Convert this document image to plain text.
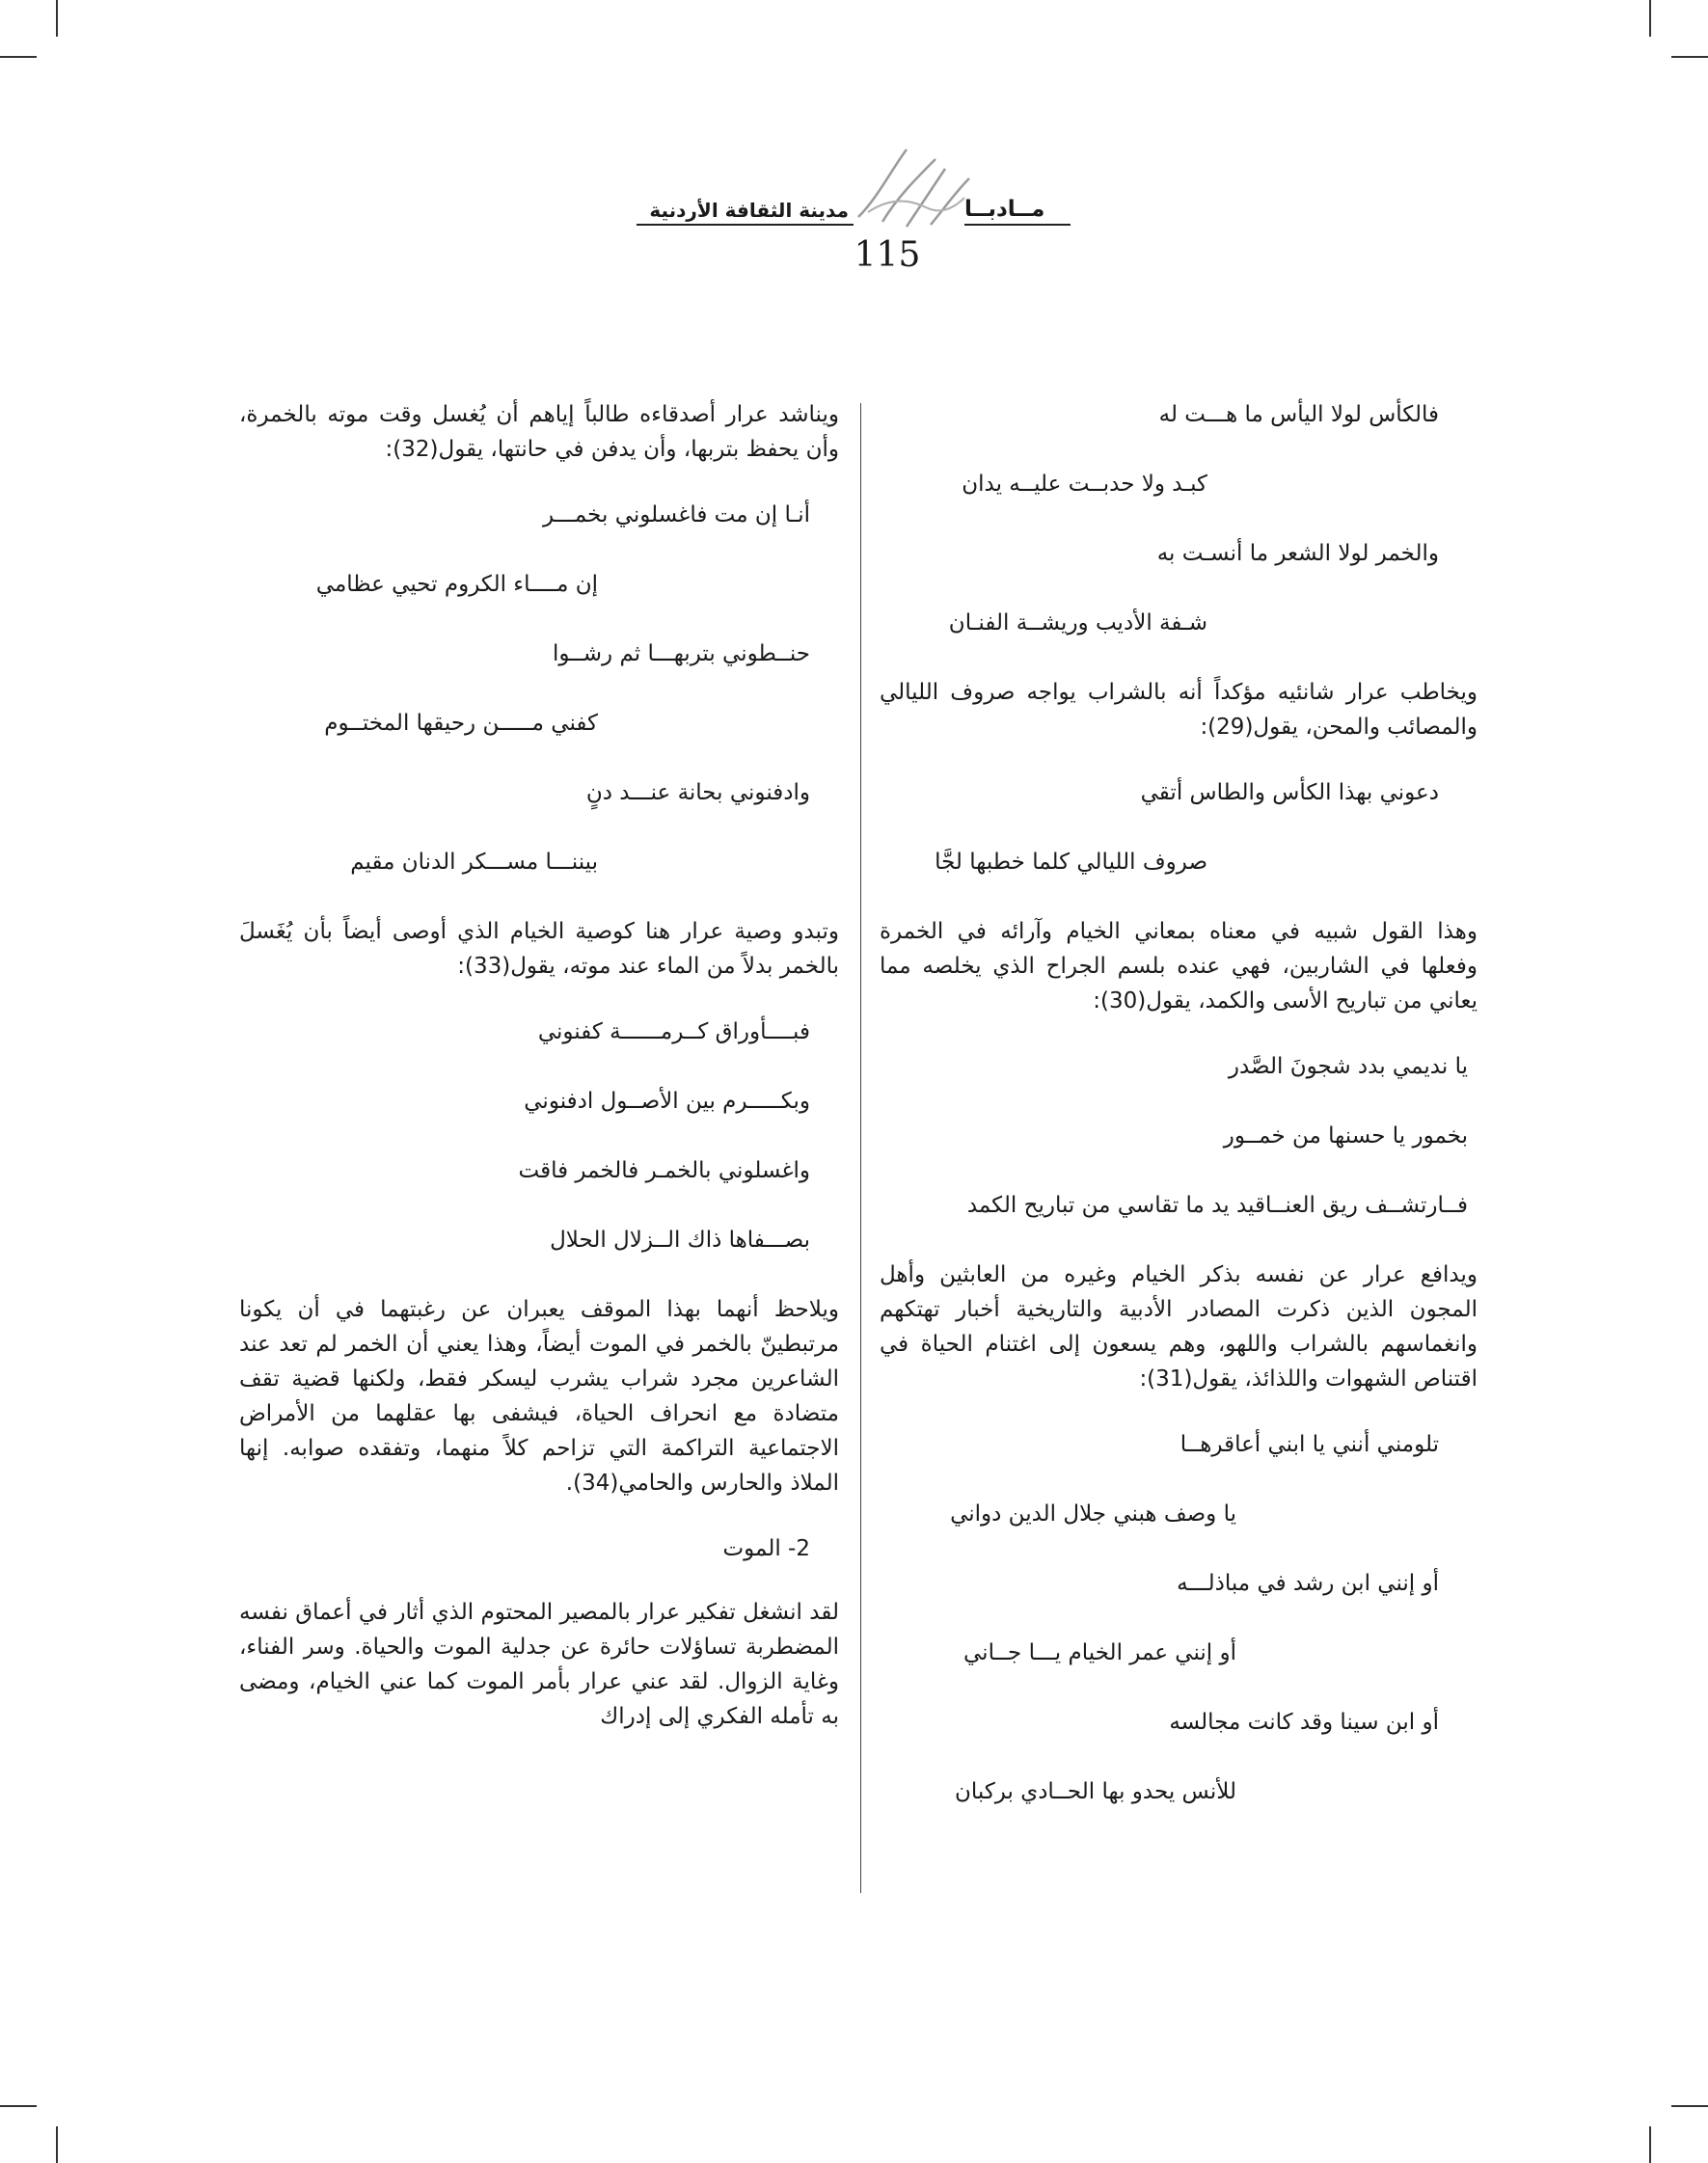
مــادبــا
مدينة الثقافة الأردنية
115
فالكأس لولا اليأس ما هـــت له
كبـد ولا حدبــت عليــه يدان
والخمر لولا الشعر ما أنسـت به
شـفة الأديب وريشــة الفنـان

ويخاطب عرار شانئيه مؤكداً أنه بالشراب يواجه صروف الليالي والمصائب والمحن، يقول(29):

دعوني بهذا الكأس والطاس أتقي
صروف الليالي كلما خطبها لجَّا

وهذا القول شبيه في معناه بمعاني الخيام وآرائه في الخمرة وفعلها في الشاربين، فهي عنده بلسم الجراح الذي يخلصه مما يعاني من تباريح الأسى والكمد، يقول(30):

يا نديمي بدد شجونَ الصَّدر
بخمور يا حسنها من خمــور
فــارتشــف ريق العنــاقيد يد ما تقاسي من تباريح الكمد

ويدافع عرار عن نفسه بذكر الخيام وغيره من العابثين وأهل المجون الذين ذكرت المصادر الأدبية والتاريخية أخبار تهتكهم وانغماسهم بالشراب واللهو، وهم يسعون إلى اغتنام الحياة في اقتناص الشهوات واللذائذ، يقول(31):

تلومني أنني يا ابني أعاقرهــا
يا وصف هبني جلال الدين دواني
أو إنني ابن رشد في مباذلـــه
أو إنني عمر الخيام يـــا جــاني
أو ابن سينا وقد كانت مجالسه
للأنس يحدو بها الحــادي بركبان

ويناشد عرار أصدقاءه طالباً إياهم أن يُغسل وقت موته بالخمرة، وأن يحفظ بتربها، وأن يدفن في حانتها، يقول(32):

أنـا إن مت فاغسلوني بخمـــر
إن مــــاء الكروم تحيي عظامي
حنــطوني بتربهـــا ثم رشــوا
كفني مـــــن رحيقها المختــوم
وادفنوني بحانة عنـــد دنٍ
بيننـــا مســـكر الدنان مقيم

وتبدو وصية عرار هنا كوصية الخيام الذي أوصى أيضاً بأن يُغَسلَ بالخمر بدلاً من الماء عند موته، يقول(33):

فبــــأوراق كــرمــــــة كفنوني
وبكـــــرم بين الأصــول ادفنوني
واغسلوني بالخمـر فالخمر فاقت
بصـــفاها ذاك الــزلال الحلال

ويلاحظ أنهما بهذا الموقف يعبران عن رغبتهما في أن يكونا مرتبطينّ بالخمر في الموت أيضاً، وهذا يعني أن الخمر لم تعد عند الشاعرين مجرد شراب يشرب ليسكر فقط، ولكنها قضية تقف متضادة مع انحراف الحياة، فيشفى بها عقلهما من الأمراض الاجتماعية التراكمة التي تزاحم كلاً منهما، وتفقده صوابه. إنها الملاذ والحارس والحامي(34).

2- الموت

لقد انشغل تفكير عرار بالمصير المحتوم الذي أثار في أعماق نفسه المضطربة تساؤلات حائرة عن جدلية الموت والحياة. وسر الفناء، وغاية الزوال. لقد عني عرار بأمر الموت كما عني الخيام، ومضى به تأمله الفكري إلى إدراك
